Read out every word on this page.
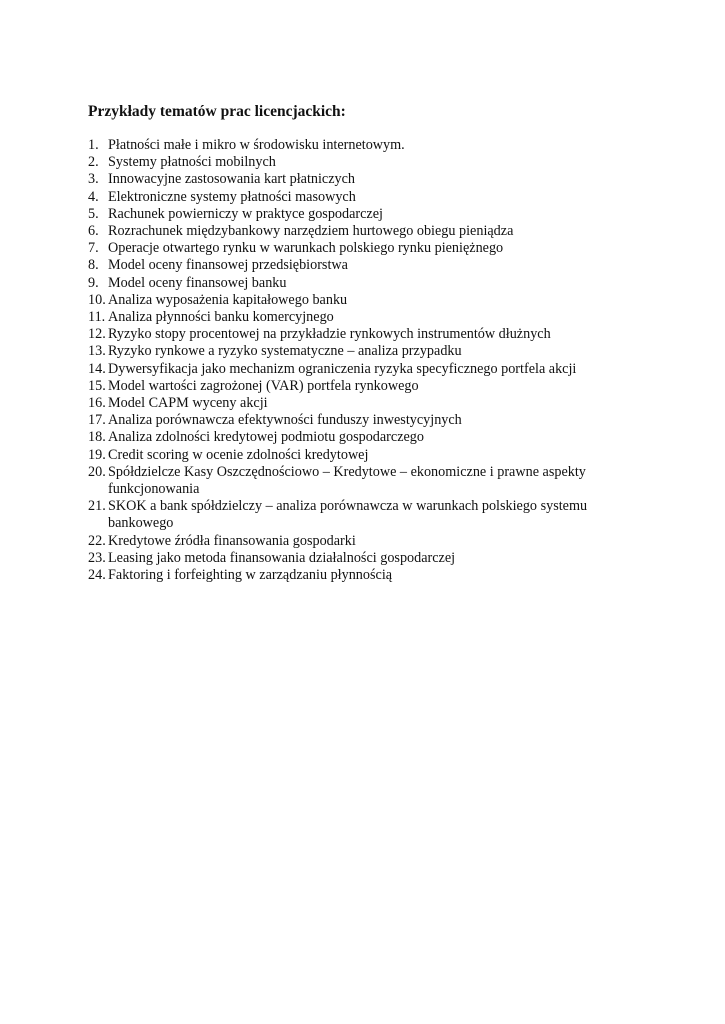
Przykłady tematów prac licencjackich:
1. Płatności małe i mikro w środowisku internetowym.
2. Systemy płatności mobilnych
3. Innowacyjne zastosowania kart płatniczych
4. Elektroniczne systemy płatności masowych
5. Rachunek powierniczy w praktyce gospodarczej
6. Rozrachunek międzybankowy narzędziem hurtowego obiegu pieniądza
7. Operacje otwartego rynku w warunkach polskiego rynku pieniężnego
8. Model oceny finansowej przedsiębiorstwa
9. Model oceny finansowej banku
10. Analiza wyposażenia kapitałowego banku
11. Analiza płynności banku komercyjnego
12. Ryzyko stopy procentowej na przykładzie rynkowych instrumentów dłużnych
13. Ryzyko rynkowe a ryzyko systematyczne – analiza przypadku
14. Dywersyfikacja jako mechanizm ograniczenia ryzyka specyficznego portfela akcji
15. Model wartości zagrożonej (VAR) portfela rynkowego
16. Model CAPM wyceny akcji
17. Analiza porównawcza efektywności funduszy inwestycyjnych
18. Analiza zdolności kredytowej podmiotu gospodarczego
19. Credit scoring w ocenie zdolności kredytowej
20. Spółdzielcze Kasy Oszczędnościowo – Kredytowe – ekonomiczne i prawne aspekty funkcjonowania
21. SKOK a bank spółdzielczy – analiza porównawcza w warunkach polskiego systemu bankowego
22. Kredytowe źródła finansowania gospodarki
23. Leasing jako metoda finansowania działalności gospodarczej
24. Faktoring i forfeighting w zarządzaniu płynnością
